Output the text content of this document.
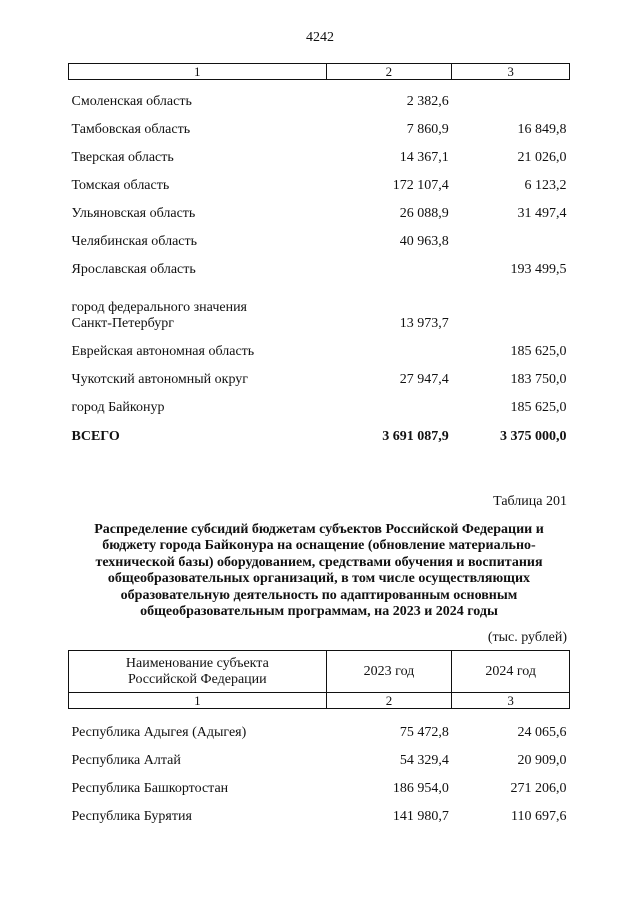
4242
1	2	3
Смоленская область	2 382,6	
Тамбовская область	7 860,9	16 849,8
Тверская область	14 367,1	21 026,0
Томская область	172 107,4	6 123,2
Ульяновская область	26 088,9	31 497,4
Челябинская область	40 963,8	
Ярославская область		193 499,5
город федерального значения Санкт-Петербург	13 973,7	
Еврейская автономная область		185 625,0
Чукотский автономный округ	27 947,4	183 750,0
город Байконур		185 625,0
ВСЕГО	3 691 087,9	3 375 000,0
Таблица 201
Распределение субсидий бюджетам субъектов Российской Федерации и бюджету города Байконура на оснащение (обновление материально-технической базы) оборудованием, средствами обучения и воспитания общеобразовательных организаций, в том числе осуществляющих образовательную деятельность по адаптированным основным общеобразовательным программам, на 2023 и 2024 годы
(тыс. рублей)
Наименование субъекта Российской Федерации	2023 год	2024 год
1	2	3
Республика Адыгея (Адыгея)	75 472,8	24 065,6
Республика Алтай	54 329,4	20 909,0
Республика Башкортостан	186 954,0	271 206,0
Республика Бурятия	141 980,7	110 697,6
